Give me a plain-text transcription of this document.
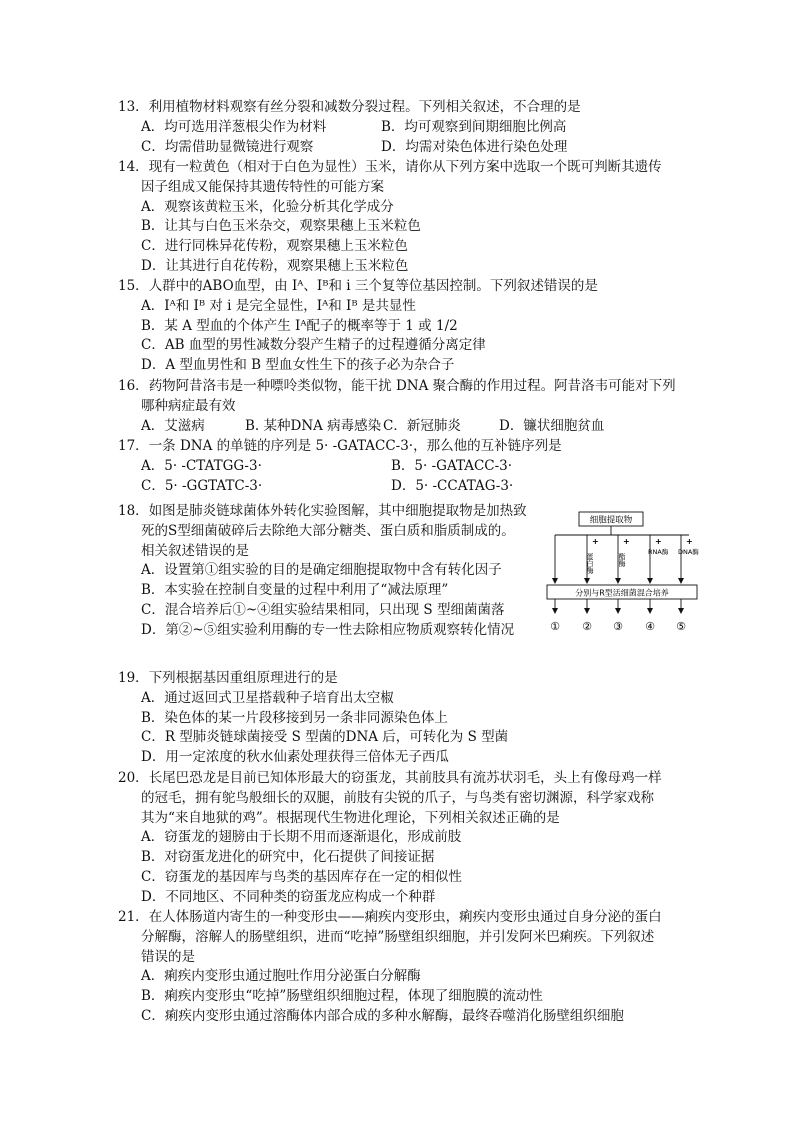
13．利用植物材料观察有丝分裂和减数分裂过程。下列相关叙述，不合理的是
A．均可选用洋葱根尖作为材料	B．均可观察到间期细胞比例高
C．均需借助显微镜进行观察	D．均需对染色体进行染色处理
14．现有一粒黄色（相对于白色为显性）玉米，请你从下列方案中选取一个既可判断其遗传
因子组成又能保持其遗传特性的可能方案
A．观察该黄粒玉米，化验分析其化学成分
B．让其与白色玉米杂交，观察果穗上玉米粒色
C．进行同株异花传粉，观察果穗上玉米粒色
D．让其进行自花传粉，观察果穗上玉米粒色
15．人群中的ABO血型，由 Iᴬ、Iᴮ和 i 三个复等位基因控制。下列叙述错误的是
A．Iᴬ和 Iᴮ 对 i 是完全显性，Iᴬ和 Iᴮ 是共显性
B．某 A 型血的个体产生 Iᴬ配子的概率等于 1 或 1/2
C．AB 血型的男性减数分裂产生精子的过程遵循分离定律
D．A 型血男性和 B 型血女性生下的孩子必为杂合子
16．药物阿昔洛韦是一种嘌呤类似物，能干扰 DNA 聚合酶的作用过程。阿昔洛韦可能对下列
哪种病症最有效
A．艾滋病	B. 某种DNA 病毒感染 C．新冠肺炎	D．镰状细胞贫血
17．一条 DNA 的单链的序列是 5· -GATACC-3·，那么他的互补链序列是
A．5· -CTATGG-3·	B．5· -GATACC-3·
C．5· -GGTATC-3·	D．5· -CCATAG-3·
18．如图是肺炎链球菌体外转化实验图解，其中细胞提取物是加热致
死的S型细菌破碎后去除绝大部分糖类、蛋白质和脂质制成的。
相关叙述错误的是
A．设置第①组实验的目的是确定细胞提取物中含有转化因子
B．本实验在控制自变量的过程中利用了“减法原理”
C．混合培养后①~④组实验结果相同，只出现 S 型细菌菌落
D．第②~⑤组实验利用酶的专一性去除相应物质观察转化情况
细胞提取物
+	+	+	+
蛋白酶	酯酶
RNA酶 DNA酶
分别与R型活细菌混合培养
① ② ③ ④ ⑤
19．下列根据基因重组原理进行的是
A．通过返回式卫星搭载种子培育出太空椒
B．染色体的某一片段移接到另一条非同源染色体上
C．R 型肺炎链球菌接受 S 型菌的DNA 后，可转化为 S 型菌
D．用一定浓度的秋水仙素处理获得三倍体无子西瓜
20．长尾巴恐龙是目前已知体形最大的窃蛋龙，其前肢具有流苏状羽毛，头上有像母鸡一样
的冠毛，拥有鸵鸟般细长的双腿，前肢有尖锐的爪子，与鸟类有密切渊源，科学家戏称
其为“来自地狱的鸡”。根据现代生物进化理论，下列相关叙述正确的是
A．窃蛋龙的翅膀由于长期不用而逐渐退化，形成前肢
B．对窃蛋龙进化的研究中，化石提供了间接证据
C．窃蛋龙的基因库与鸟类的基因库存在一定的相似性
D．不同地区、不同种类的窃蛋龙应构成一个种群
21．在人体肠道内寄生的一种变形虫——痢疾内变形虫，痢疾内变形虫通过自身分泌的蛋白
分解酶，溶解人的肠壁组织，进而“吃掉”肠壁组织细胞，并引发阿米巴痢疾。下列叙述
错误的是
A．痢疾内变形虫通过胞吐作用分泌蛋白分解酶
B．痢疾内变形虫“吃掉”肠壁组织细胞过程，体现了细胞膜的流动性
C．痢疾内变形虫通过溶酶体内部合成的多种水解酶，最终吞噬消化肠壁组织细胞
